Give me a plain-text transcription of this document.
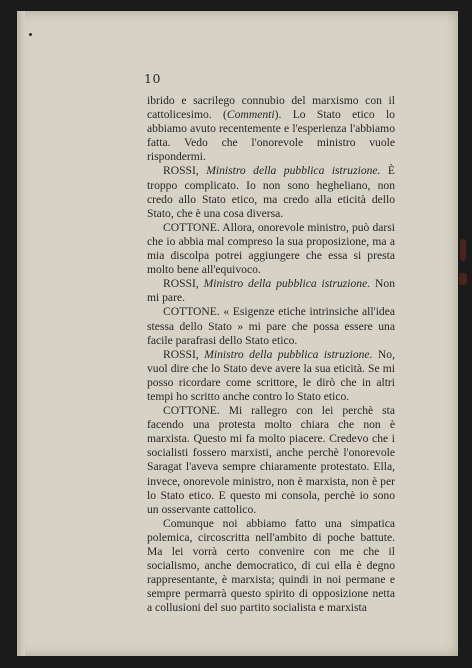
10

ibrido e sacrilego connubio del marxismo con il cattolicesimo. (Commenti). Lo Stato etico lo abbiamo avuto recentemente e l'esperienza l'abbiamo fatta. Vedo che l'onorevole ministro vuole rispondermi.

ROSSI, Ministro della pubblica istruzione. È troppo complicato. Io non sono hegheliano, non credo allo Stato etico, ma credo alla eticità dello Stato, che è una cosa diversa.

COTTONE. Allora, onorevole ministro, può darsi che io abbia mal compreso la sua proposizione, ma a mia discolpa potrei aggiungere che essa si presta molto bene all'equivoco.

ROSSI, Ministro della pubblica istruzione. Non mi pare.

COTTONE. « Esigenze etiche intrinsiche all'idea stessa dello Stato » mi pare che possa essere una facile parafrasi dello Stato etico.

ROSSI, Ministro della pubblica istruzione. No, vuol dire che lo Stato deve avere la sua eticità. Se mi posso ricordare come scrittore, le dirò che in altri tempi ho scritto anche contro lo Stato etico.

COTTONE. Mi rallegro con lei perchè sta facendo una protesta molto chiara che non è marxista. Questo mi fa molto piacere. Credevo che i socialisti fossero marxisti, anche perchè l'onorevole Saragat l'aveva sempre chiaramente protestato. Ella, invece, onorevole ministro, non è marxista, non è per lo Stato etico. E questo mi consola, perchè io sono un osservante cattolico.

Comunque noi abbiamo fatto una simpatica polemica, circoscritta nell'ambito di poche battute. Ma lei vorrà certo convenire con me che il socialismo, anche democratico, di cui ella è degno rappresentante, è marxista; quindi in noi permane e sempre permarrà questo spirito di opposizione netta a collusioni del suo partito socialista e marxista
